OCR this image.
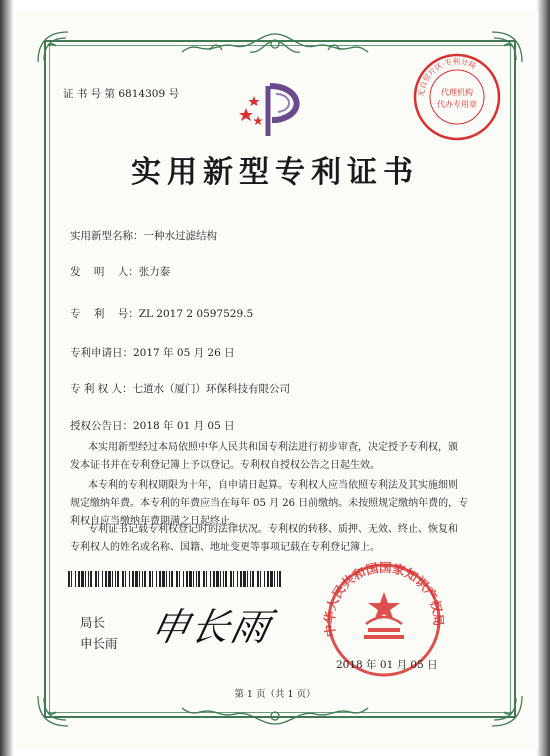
证 书 号 第 6814309 号	无自贸片区·专利分局
代理机构
代办专用章
实用新型专利证书
实用新型名称：一种水过滤结构
发    明    人：张力泰
专    利    号：ZL 2017 2 0597529.5
专利申请日：2017 年 05 月 26 日
专 利 权 人：七道水（厦门）环保科技有限公司
授权公告日：2018 年 01 月 05 日
本实用新型经过本局依照中华人民共和国专利法进行初步审查，决定授予专利权，颁
发本证书并在专利登记簿上予以登记。专利权自授权公告之日起生效。
本专利的专利权期限为十年，自申请日起算。专利权人应当依照专利法及其实施细则
规定缴纳年费。本专利的年费应当在每年 05 月 26 日前缴纳。未按照规定缴纳年费的，专
利权自应当缴纳年费期满之日起终止。
专利证书记载专利权登记时的法律状况。专利权的转移、质押、无效、终止、恢复和
专利权人的姓名或名称、国籍、地址变更等事项记载在专利登记簿上。
局长
申长雨 申长雨	中华人民共和国国家知识产权局
2018 年 01 月 05 日
第 1 页（共 1 页）
